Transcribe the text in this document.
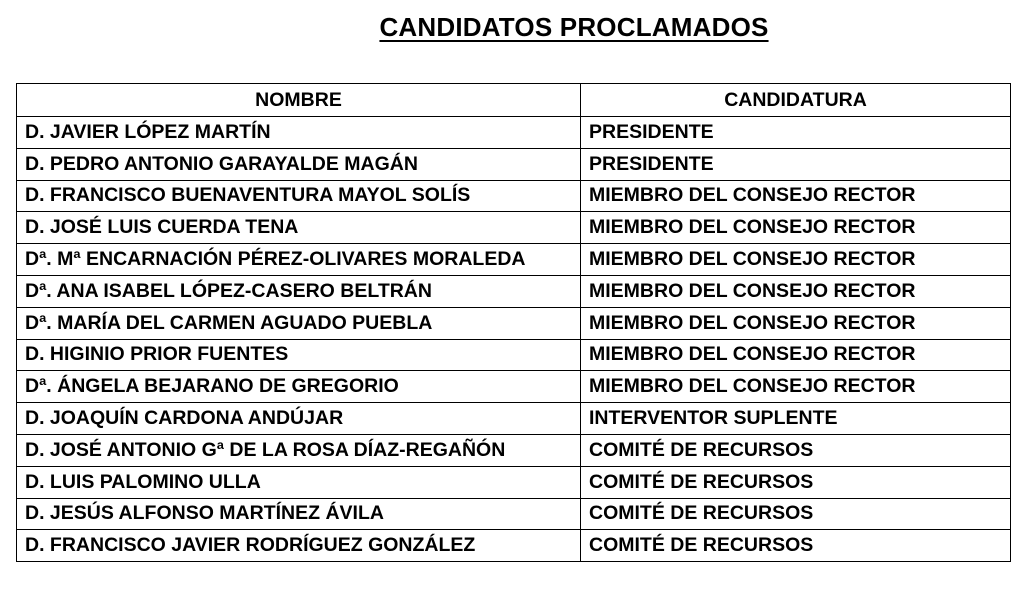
CANDIDATOS PROCLAMADOS
NOMBRE	CANDIDATURA
D. JAVIER LÓPEZ MARTÍN	PRESIDENTE
D. PEDRO ANTONIO GARAYALDE MAGÁN	PRESIDENTE
D. FRANCISCO BUENAVENTURA MAYOL SOLÍS	MIEMBRO DEL CONSEJO RECTOR
D. JOSÉ LUIS CUERDA TENA	MIEMBRO DEL CONSEJO RECTOR
Dª. Mª ENCARNACIÓN PÉREZ-OLIVARES MORALEDA	MIEMBRO DEL CONSEJO RECTOR
Dª. ANA ISABEL LÓPEZ-CASERO BELTRÁN	MIEMBRO DEL CONSEJO RECTOR
Dª. MARÍA DEL CARMEN AGUADO PUEBLA	MIEMBRO DEL CONSEJO RECTOR
D. HIGINIO PRIOR FUENTES	MIEMBRO DEL CONSEJO RECTOR
Dª. ÁNGELA BEJARANO DE GREGORIO	MIEMBRO DEL CONSEJO RECTOR
D. JOAQUÍN CARDONA ANDÚJAR	INTERVENTOR SUPLENTE
D. JOSÉ ANTONIO Gª DE LA ROSA DÍAZ-REGAÑÓN	COMITÉ DE RECURSOS
D. LUIS PALOMINO ULLA	COMITÉ DE RECURSOS
D. JESÚS ALFONSO MARTÍNEZ ÁVILA	COMITÉ DE RECURSOS
D. FRANCISCO JAVIER RODRÍGUEZ GONZÁLEZ	COMITÉ DE RECURSOS
